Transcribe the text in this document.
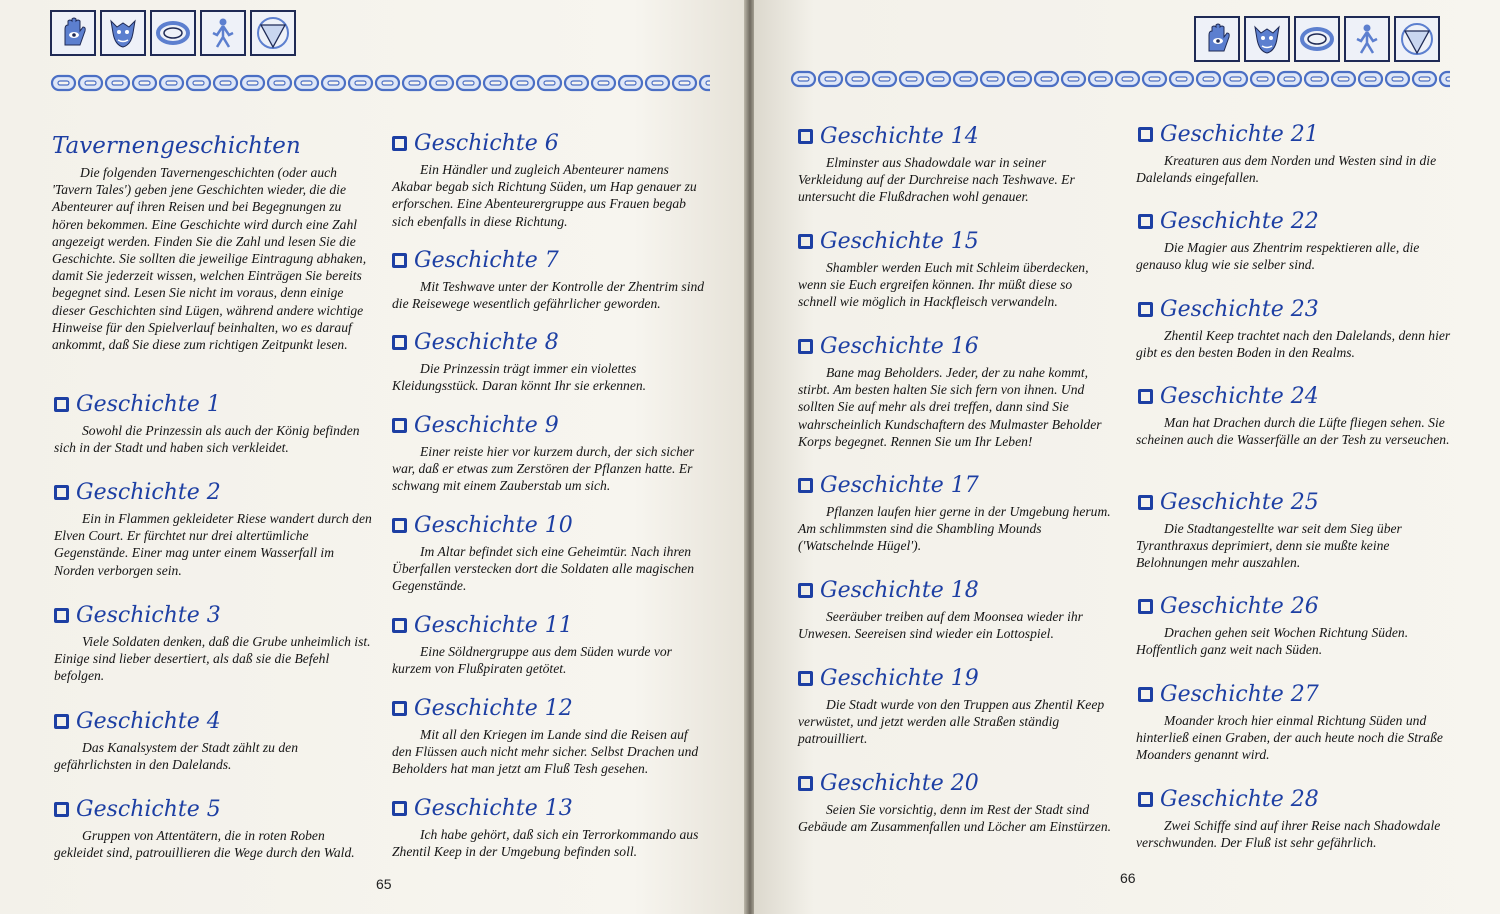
Tavernengeschichten
Die folgenden Tavernengeschichten (oder auch 'Tavern Tales') geben jene Geschichten wieder, die die Abenteurer auf ihren Reisen und bei Begegnungen zu hören bekommen. Eine Geschichte wird durch eine Zahl angezeigt werden. Finden Sie die Zahl und lesen Sie die Geschichte. Sie sollten die jeweilige Eintragung abhaken, damit Sie jederzeit wissen, welchen Einträgen Sie bereits begegnet sind. Lesen Sie nicht im voraus, denn einige dieser Geschichten sind Lügen, während andere wichtige Hinweise für den Spielverlauf beinhalten, wo es darauf ankommt, daß Sie diese zum richtigen Zeitpunkt lesen.
Geschichte 1
Sowohl die Prinzessin als auch der König befinden sich in der Stadt und haben sich verkleidet.
Geschichte 2
Ein in Flammen gekleideter Riese wandert durch den Elven Court. Er fürchtet nur drei altertümliche Gegenstände. Einer mag unter einem Wasserfall im Norden verborgen sein.
Geschichte 3
Viele Soldaten denken, daß die Grube unheimlich ist. Einige sind lieber desertiert, als daß sie die Befehl befolgen.
Geschichte 4
Das Kanalsystem der Stadt zählt zu den gefährlichsten in den Dalelands.
Geschichte 5
Gruppen von Attentätern, die in roten Roben gekleidet sind, patrouillieren die Wege durch den Wald.
Geschichte 6
Ein Händler und zugleich Abenteurer namens Akabar begab sich Richtung Süden, um Hap genauer zu erforschen. Eine Abenteurergruppe aus Frauen begab sich ebenfalls in diese Richtung.
Geschichte 7
Mit Teshwave unter der Kontrolle der Zhentrim sind die Reisewege wesentlich gefährlicher geworden.
Geschichte 8
Die Prinzessin trägt immer ein violettes Kleidungsstück. Daran könnt Ihr sie erkennen.
Geschichte 9
Einer reiste hier vor kurzem durch, der sich sicher war, daß er etwas zum Zerstören der Pflanzen hatte. Er schwang mit einem Zauberstab um sich.
Geschichte 10
Im Altar befindet sich eine Geheimtür. Nach ihren Überfallen verstecken dort die Soldaten alle magischen Gegenstände.
Geschichte 11
Eine Söldnergruppe aus dem Süden wurde vor kurzem von Flußpiraten getötet.
Geschichte 12
Mit all den Kriegen im Lande sind die Reisen auf den Flüssen auch nicht mehr sicher. Selbst Drachen und Beholders hat man jetzt am Fluß Tesh gesehen.
Geschichte 13
Ich habe gehört, daß sich ein Terrorkommando aus Zhentil Keep in der Umgebung befinden soll.
65
Geschichte 14
Elminster aus Shadowdale war in seiner Verkleidung auf der Durchreise nach Teshwave. Er untersucht die Flußdrachen wohl genauer.
Geschichte 15
Shambler werden Euch mit Schleim überdecken, wenn sie Euch ergreifen können. Ihr müßt diese so schnell wie möglich in Hackfleisch verwandeln.
Geschichte 16
Bane mag Beholders. Jeder, der zu nahe kommt, stirbt. Am besten halten Sie sich fern von ihnen. Und sollten Sie auf mehr als drei treffen, dann sind Sie wahrscheinlich Kundschaftern des Mulmaster Beholder Korps begegnet. Rennen Sie um Ihr Leben!
Geschichte 17
Pflanzen laufen hier gerne in der Umgebung herum. Am schlimmsten sind die Shambling Mounds ('Watschelnde Hügel').
Geschichte 18
Seeräuber treiben auf dem Moonsea wieder ihr Unwesen. Seereisen sind wieder ein Lottospiel.
Geschichte 19
Die Stadt wurde von den Truppen aus Zhentil Keep verwüstet, und jetzt werden alle Straßen ständig patrouilliert.
Geschichte 20
Seien Sie vorsichtig, denn im Rest der Stadt sind Gebäude am Zusammenfallen und Löcher am Einstürzen.
Geschichte 21
Kreaturen aus dem Norden und Westen sind in die Dalelands eingefallen.
Geschichte 22
Die Magier aus Zhentrim respektieren alle, die genauso klug wie sie selber sind.
Geschichte 23
Zhentil Keep trachtet nach den Dalelands, denn hier gibt es den besten Boden in den Realms.
Geschichte 24
Man hat Drachen durch die Lüfte fliegen sehen. Sie scheinen auch die Wasserfälle an der Tesh zu verseuchen.
Geschichte 25
Die Stadtangestellte war seit dem Sieg über Tyranthraxus deprimiert, denn sie mußte keine Belohnungen mehr auszahlen.
Geschichte 26
Drachen gehen seit Wochen Richtung Süden. Hoffentlich ganz weit nach Süden.
Geschichte 27
Moander kroch hier einmal Richtung Süden und hinterließ einen Graben, der auch heute noch die Straße Moanders genannt wird.
Geschichte 28
Zwei Schiffe sind auf ihrer Reise nach Shadowdale verschwunden. Der Fluß ist sehr gefährlich.
66
